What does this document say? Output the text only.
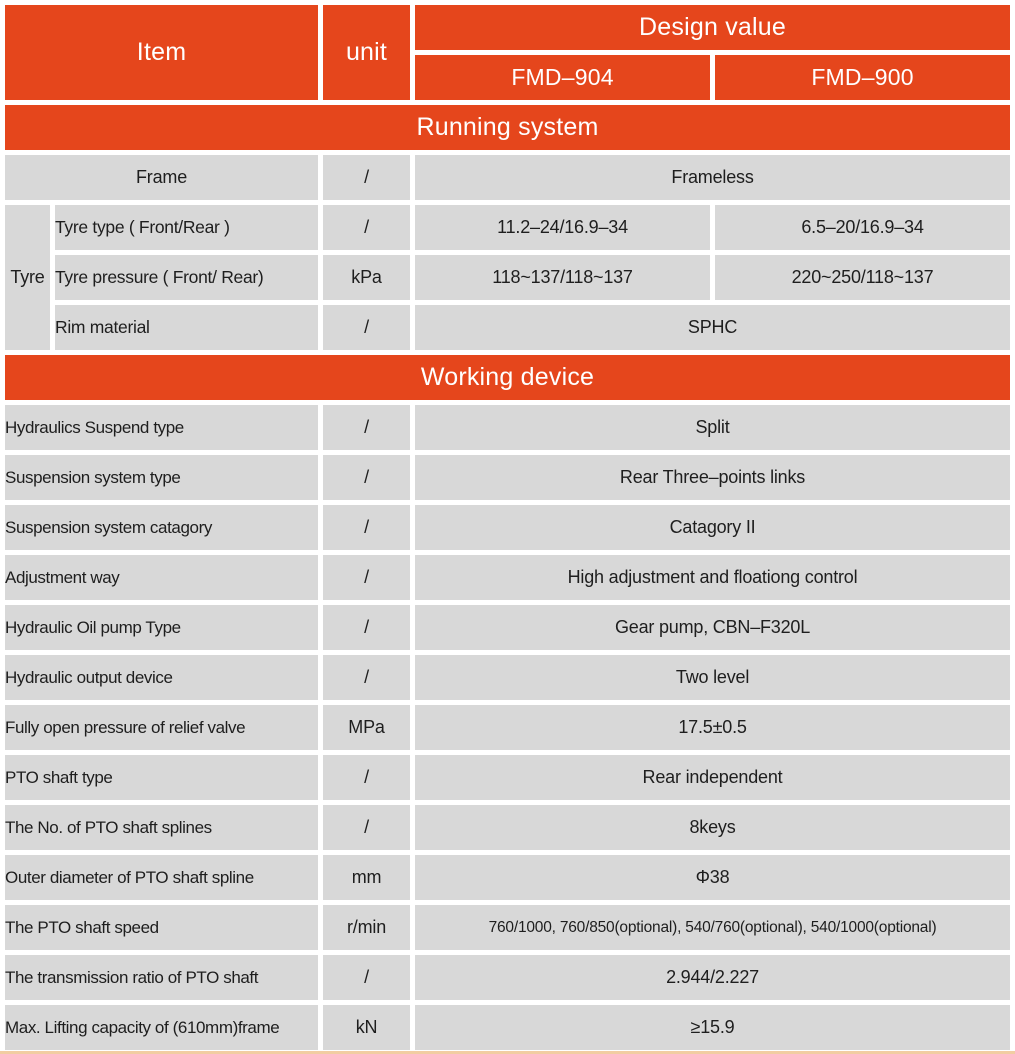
Item		unit	Design value	
			FMD–904	FMD–900
Running system				
Frame		/	Frameless	
Tyre	Tyre type ( Front/Rear )	/	11.2–24/16.9–34	6.5–20/16.9–34
	Tyre pressure ( Front/ Rear)	kPa	118~137/118~137	220~250/118~137
	Rim material	/	SPHC	
Working device				
Hydraulics Suspend type		/	Split	
Suspension system type		/	Rear Three–points links	
Suspension system catagory		/	Catagory II	
Adjustment way		/	High adjustment and floationg control	
Hydraulic Oil pump Type		/	Gear pump, CBN–F320L	
Hydraulic output device		/	Two level	
Fully open pressure of relief valve		MPa	17.5±0.5	
PTO shaft type		/	Rear independent	
The No. of PTO shaft splines		/	8keys	
Outer diameter of PTO shaft spline		mm	Φ38	
The PTO shaft speed		r/min	760/1000, 760/850(optional), 540/760(optional), 540/1000(optional)	
The transmission ratio of PTO shaft		/	2.944/2.227	
Max. Lifting capacity of (610mm)frame		kN	≥15.9	
